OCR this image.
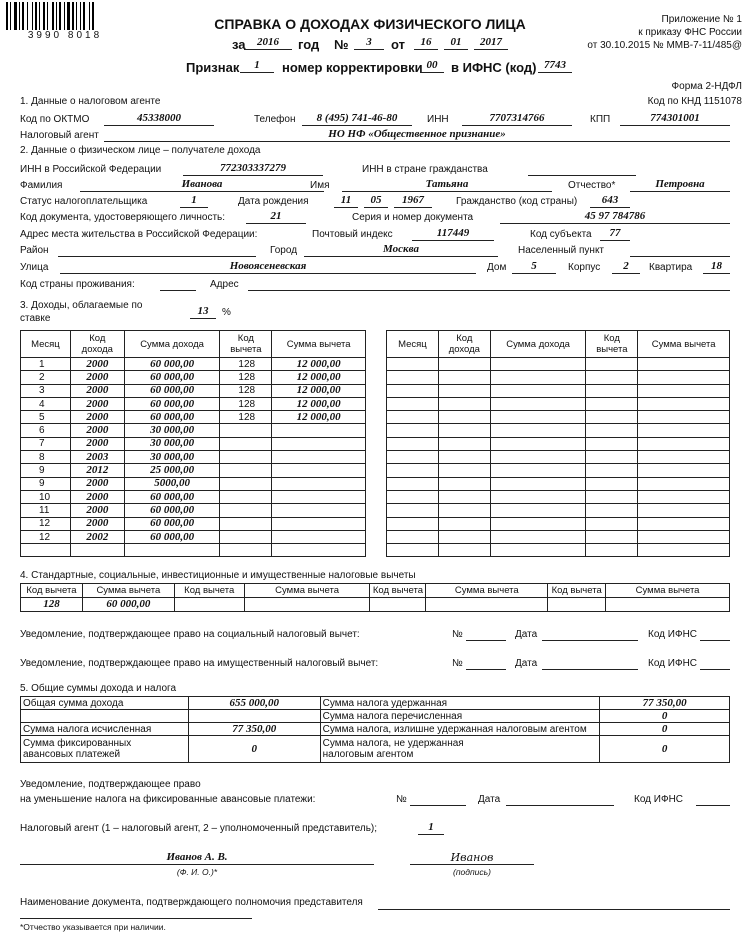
3990 8018
СПРАВКА О ДОХОДАХ ФИЗИЧЕСКОГО ЛИЦА
за	2016	год №	3	от	16	01	2017
Признак	1	номер корректировки 00	в ИФНС (код) 7743
Приложение № 1
к приказу ФНС России
от 30.10.2015 № ММВ-7-11/485@
Форма 2-НДФЛ
Код по КНД 1151078
1. Данные о налоговом агенте
Код по ОКТМО	45338000	Телефон	8 (495) 741-46-80	ИНН	7707314766	КПП	774301001
Налоговый агент	НО НФ «Общественное признание»
2. Данные о физическом лице – получателе дохода
ИНН в Российской Федерации	772303337279	ИНН в стране гражданства
Фамилия	Иванова	Имя	Татьяна	Отчество*	Петровна
Статус налогоплательщика	1	Дата рождения	11	05	1967	Гражданство (код страны)	643
Код документа, удостоверяющего личность:	21	Серия и номер документа	45 97 784786
Адрес места жительства в Российской Федерации:	Почтовый индекс	117449	Код субъекта	77
Район	Город	Москва	Населенный пункт
Улица	Новоясеневская	Дом	5	Корпус	2	Квартира	18
Код страны проживания:	Адрес
3. Доходы, облагаемые по
ставке
13	%
Месяц	Код
дохода	Сумма дохода	Код
вычета	Сумма вычета
1	2000	60 000,00	128	12 000,00
2	2000	60 000,00	128	12 000,00
3	2000	60 000,00	128	12 000,00
4	2000	60 000,00	128	12 000,00
5	2000	60 000,00	128	12 000,00
6	2000	30 000,00		
7	2000	30 000,00		
8	2003	30 000,00		
9	2012	25 000,00		
9	2000	5000,00		
10	2000	60 000,00		
11	2000	60 000,00		
12	2000	60 000,00		
12	2002	60 000,00		

Месяц	Код
дохода	Сумма дохода	Код
вычета	Сумма вычета

4. Стандартные, социальные, инвестиционные и имущественные налоговые вычеты
Код вычета	Сумма вычета	Код вычета	Сумма вычета	Код вычета	Сумма вычета	Код вычета	Сумма вычета
128	60 000,00						
Уведомление, подтверждающее право на социальный налоговый вычет:	№	Дата	Код ИФНС
Уведомление, подтверждающее право на имущественный налоговый вычет:	№	Дата	Код ИФНС
5. Общие суммы дохода и налога
Общая сумма дохода	655 000,00	Сумма налога удержанная	77 350,00
		Сумма налога перечисленная	0
Сумма налога исчисленная	77 350,00	Сумма налога, излишне удержанная налоговым агентом	0
Сумма фиксированных
авансовых платежей	0	Сумма налога, не удержанная
налоговым агентом	0
Уведомление, подтверждающее право
на уменьшение налога на фиксированные авансовые платежи:	№	Дата	Код ИФНС
Налоговый агент (1 – налоговый агент, 2 – уполномоченный представитель);	1
Иванов А. В.
(Ф. И. О.)*
Иванов
(подпись)
Наименование документа, подтверждающего полномочия представителя
*Отчество указывается при наличии.
